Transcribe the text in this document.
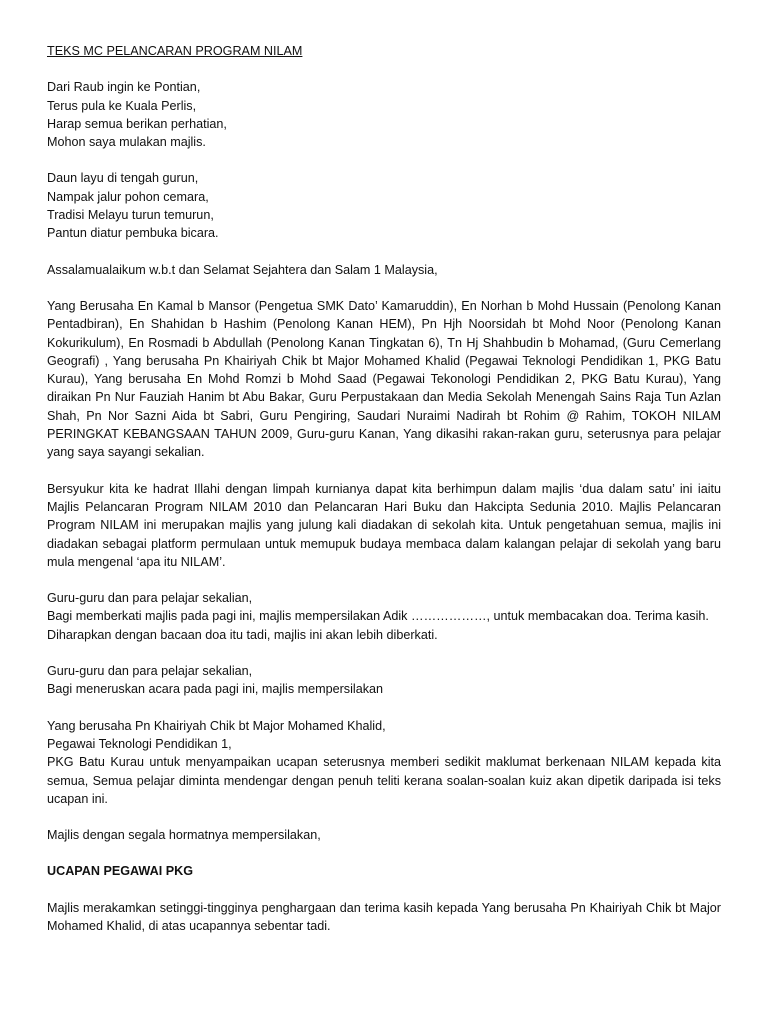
TEKS MC PELANCARAN PROGRAM NILAM
Dari Raub ingin ke Pontian,
Terus pula ke Kuala Perlis,
Harap semua berikan perhatian,
Mohon saya mulakan majlis.
Daun layu di tengah gurun,
Nampak jalur pohon cemara,
Tradisi Melayu turun temurun,
Pantun diatur pembuka bicara.
Assalamualaikum w.b.t dan Selamat Sejahtera dan Salam 1 Malaysia,
Yang Berusaha En Kamal b Mansor (Pengetua SMK Dato’ Kamaruddin), En Norhan b Mohd Hussain (Penolong Kanan Pentadbiran), En Shahidan b Hashim (Penolong Kanan HEM), Pn Hjh Noorsidah bt Mohd Noor (Penolong Kanan Kokurikulum), En Rosmadi b Abdullah (Penolong Kanan Tingkatan 6), Tn Hj Shahbudin b Mohamad, (Guru Cemerlang Geografi) , Yang berusaha Pn Khairiyah Chik bt Major Mohamed Khalid (Pegawai Teknologi Pendidikan 1, PKG Batu Kurau), Yang berusaha En Mohd Romzi b Mohd Saad (Pegawai Tekonologi Pendidikan 2, PKG Batu Kurau), Yang diraikan Pn Nur Fauziah Hanim bt Abu Bakar, Guru Perpustakaan dan Media Sekolah Menengah Sains Raja Tun Azlan Shah, Pn Nor Sazni Aida bt Sabri, Guru Pengiring, Saudari Nuraimi Nadirah bt Rohim @ Rahim, TOKOH NILAM PERINGKAT KEBANGSAAN TAHUN 2009, Guru-guru Kanan, Yang dikasihi rakan-rakan guru, seterusnya para pelajar yang saya sayangi sekalian.
Bersyukur kita ke hadrat Illahi dengan limpah kurnianya dapat kita berhimpun dalam majlis ‘dua dalam satu’ ini iaitu Majlis Pelancaran Program NILAM 2010 dan Pelancaran Hari Buku dan Hakcipta Sedunia 2010. Majlis Pelancaran Program NILAM ini merupakan majlis yang julung kali diadakan di sekolah kita. Untuk pengetahuan semua, majlis ini diadakan sebagai platform permulaan untuk memupuk budaya membaca dalam kalangan pelajar di sekolah yang baru mula mengenal ‘apa itu NILAM’.
Guru-guru dan para pelajar sekalian,
Bagi memberkati majlis pada pagi ini, majlis mempersilakan Adik ………………, untuk membacakan doa. Terima kasih.
Diharapkan dengan bacaan doa itu tadi, majlis ini akan lebih diberkati.
Guru-guru dan para pelajar sekalian,
Bagi meneruskan acara pada pagi ini, majlis mempersilakan
Yang berusaha Pn Khairiyah Chik bt Major Mohamed Khalid,
Pegawai Teknologi Pendidikan 1,
PKG Batu Kurau untuk menyampaikan ucapan seterusnya memberi sedikit maklumat berkenaan NILAM kepada kita semua, Semua pelajar diminta mendengar dengan penuh teliti kerana soalan-soalan kuiz akan dipetik daripada isi teks ucapan ini.
Majlis dengan segala hormatnya mempersilakan,
UCAPAN PEGAWAI PKG
Majlis merakamkan setinggi-tingginya penghargaan dan terima kasih kepada Yang berusaha Pn Khairiyah Chik bt Major Mohamed Khalid, di atas ucapannya sebentar tadi.
